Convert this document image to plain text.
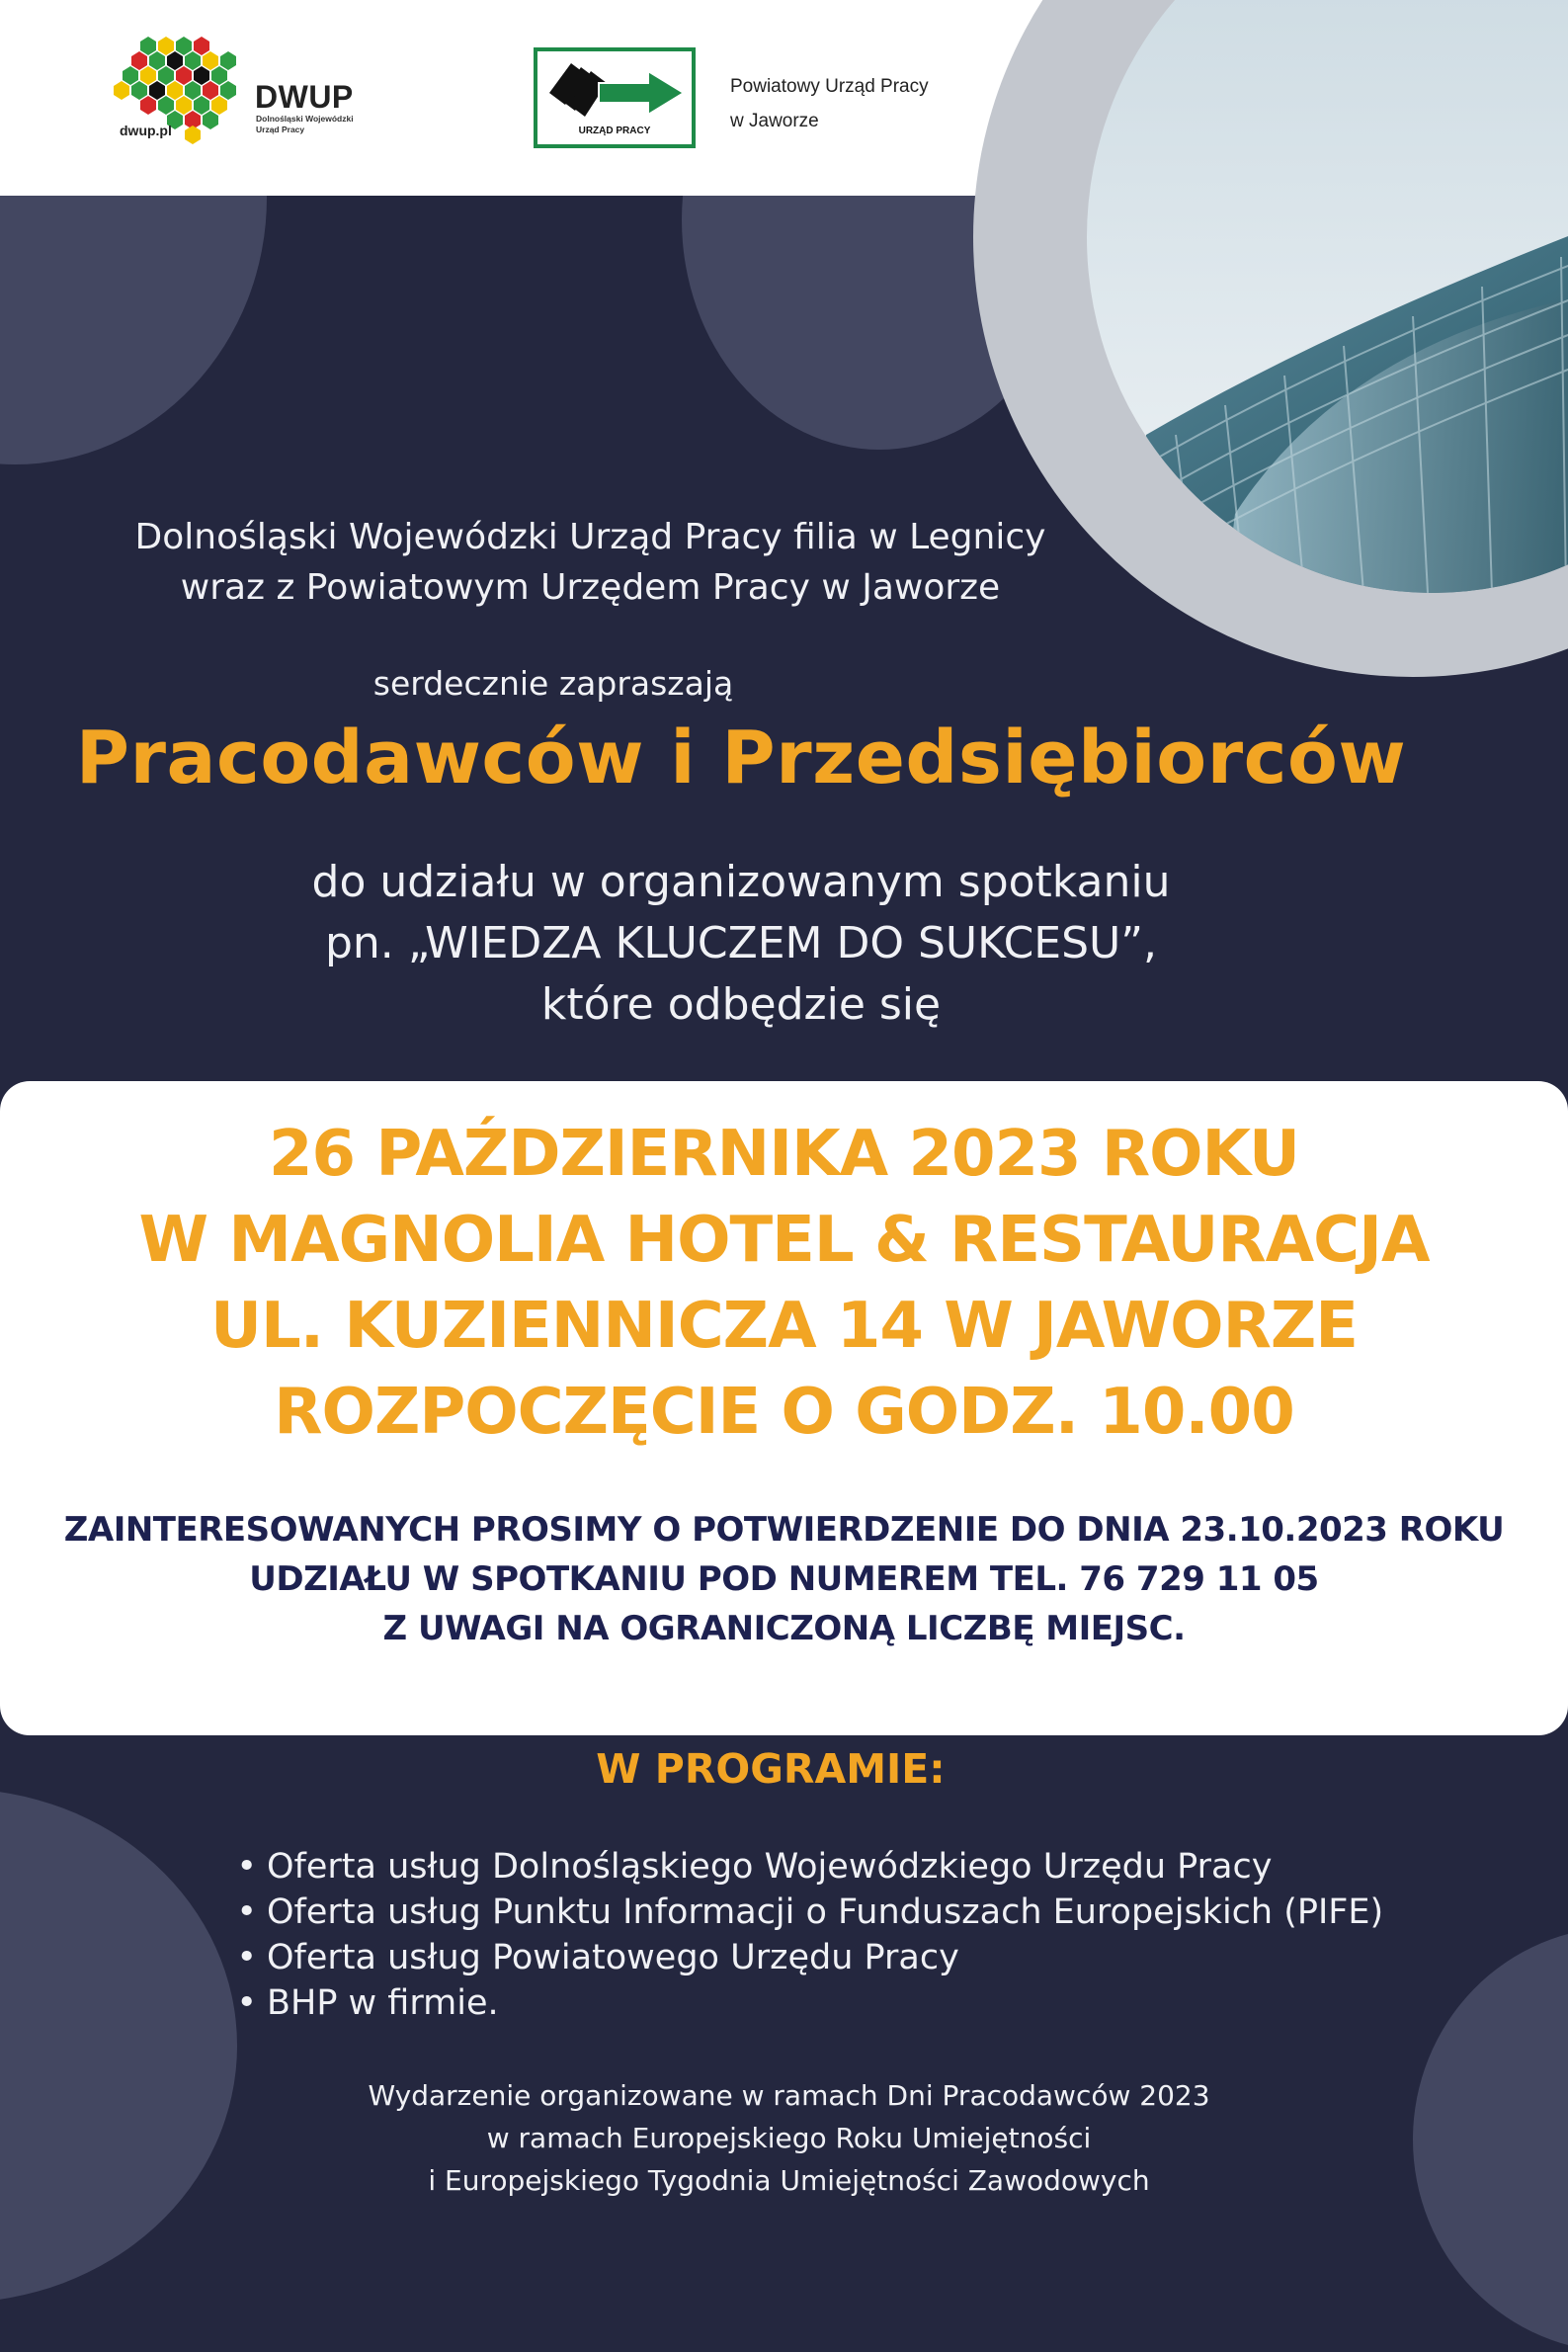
DWUP
Dolnośląski Wojewódzki
Urząd Pracy
dwup.pl	URZĄD PRACY
Powiatowy Urząd Pracy
w Jaworze
Dolnośląski Wojewódzki Urząd Pracy filia w Legnicy
wraz z Powiatowym Urzędem Pracy w Jaworze
serdecznie zapraszają
Pracodawców i Przedsiębiorców
do udziału w organizowanym spotkaniu
pn. „WIEDZA KLUCZEM DO SUKCESU”,
które odbędzie się
26 PAŹDZIERNIKA 2023 ROKU
W MAGNOLIA HOTEL & RESTAURACJA
UL. KUZIENNICZA 14 W JAWORZE
ROZPOCZĘCIE O GODZ. 10.00
ZAINTERESOWANYCH PROSIMY O POTWIERDZENIE DO DNIA 23.10.2023 ROKU
UDZIAŁU W SPOTKANIU POD NUMEREM TEL. 76 729 11 05
Z UWAGI NA OGRANICZONĄ LICZBĘ MIEJSC.
W PROGRAMIE:
• Oferta usług Dolnośląskiego Wojewódzkiego Urzędu Pracy
• Oferta usług Punktu Informacji o Funduszach Europejskich (PIFE)
• Oferta usług Powiatowego Urzędu Pracy
• BHP w firmie.
Wydarzenie organizowane w ramach Dni Pracodawców 2023
w ramach Europejskiego Roku Umiejętności
i Europejskiego Tygodnia Umiejętności Zawodowych
